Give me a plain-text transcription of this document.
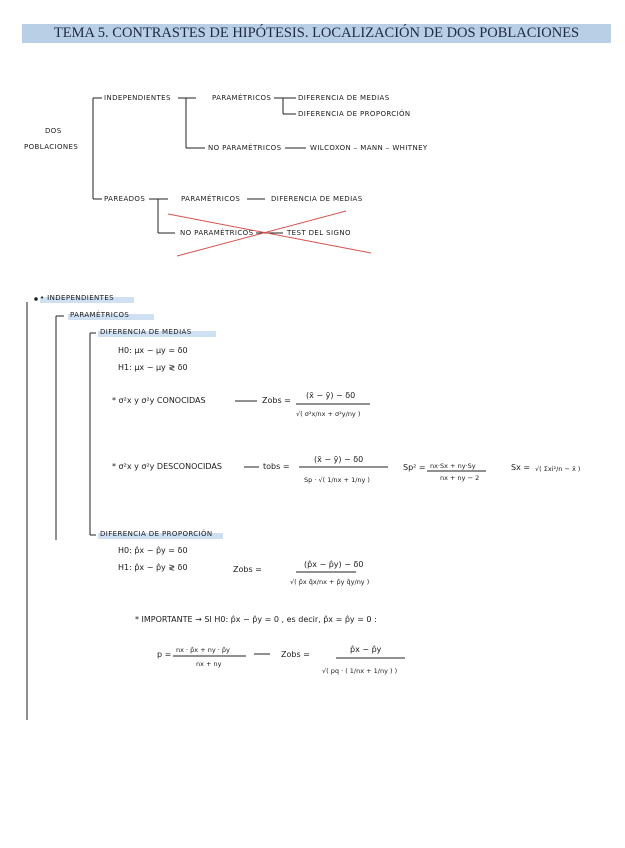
TEMA 5. CONTRASTES DE HIPÓTESIS. LOCALIZACIÓN DE DOS POBLACIONES
DOS
POBLACIONES
INDEPENDIENTES	PARAMÉTRICOS	DIFERENCIA DE MEDIAS
DIFERENCIA DE PROPORCIÓN
NO PARAMÉTRICOS	WILCOXON – MANN – WHITNEY
PAREADOS	PARAMÉTRICOS	DIFERENCIA DE MEDIAS
NO PARAMÉTRICOS	TEST DEL SIGNO
• INDEPENDIENTES
PARAMÉTRICOS
DIFERENCIA DE MEDIAS
H0: μx − μy = δ0
H1: μx − μy ≷ δ0
* σ²x y σ²y CONOCIDAS	Zobs =
(x̄ − ȳ) − δ0
√( σ²x/nx + σ²y/ny )
* σ²x y σ²y DESCONOCIDAS	tobs =
(x̄ − ȳ) − δ0
Sp · √( 1/nx + 1/ny )
Sp² = nx·Sx + ny·Sy
nx + ny − 2
Sx = √( Σxi²/n − x̄ )
DIFERENCIA DE PROPORCIÓN
H0: p̂x − p̂y = δ0
H1: p̂x − p̂y ≷ δ0	Zobs =
(p̂x − p̂y) − δ0
√( p̂x q̂x/nx + p̂y q̂y/ny )
* IMPORTANTE → SI H0: p̂x − p̂y = 0 , es decir, p̂x = p̂y = 0 :
p = nx · p̂x + ny · p̂y
nx + ny
Zobs =
p̂x − p̂y
√( pq · ( 1/nx + 1/ny ) )
